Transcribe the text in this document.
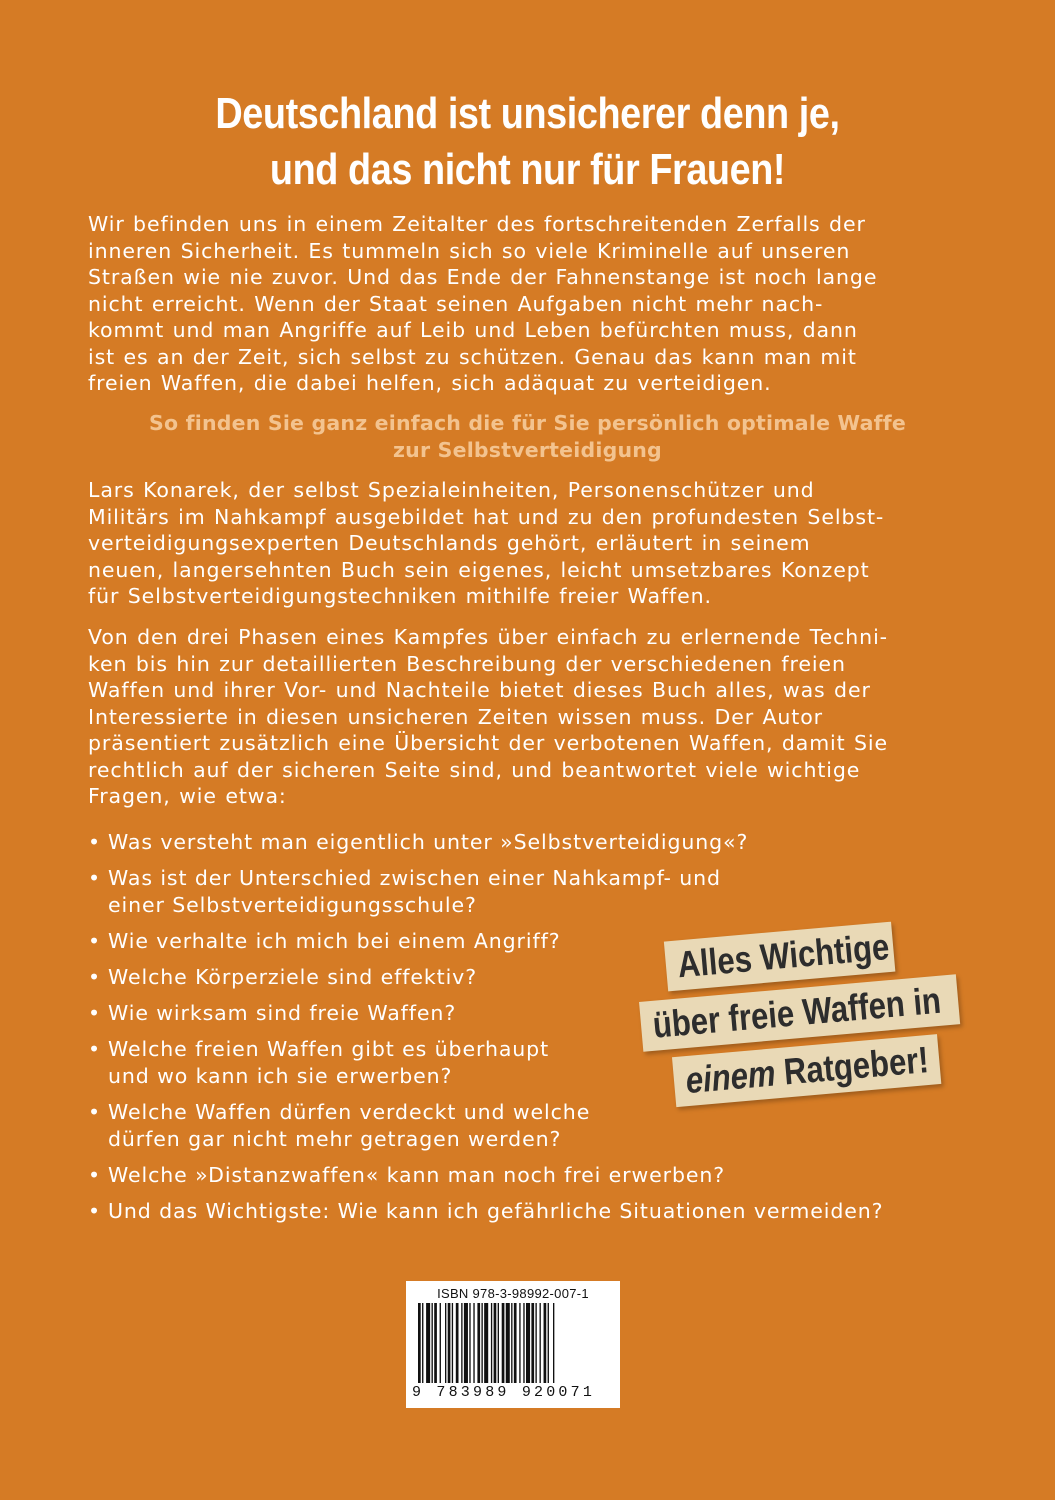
Deutschland ist unsicherer denn je,
und das nicht nur für Frauen!
Wir befinden uns in einem Zeitalter des fortschreitenden Zerfalls der
inneren Sicherheit. Es tummeln sich so viele Kriminelle auf unseren
Straßen wie nie zuvor. Und das Ende der Fahnenstange ist noch lange
nicht erreicht. Wenn der Staat seinen Aufgaben nicht mehr nach-
kommt und man Angriffe auf Leib und Leben befürchten muss, dann
ist es an der Zeit, sich selbst zu schützen. Genau das kann man mit
freien Waffen, die dabei helfen, sich adäquat zu verteidigen.
So finden Sie ganz einfach die für Sie persönlich optimale Waffe
zur Selbstverteidigung
Lars Konarek, der selbst Spezialeinheiten, Personenschützer und
Militärs im Nahkampf ausgebildet hat und zu den profundesten Selbst-
verteidigungsexperten Deutschlands gehört, erläutert in seinem
neuen, langersehnten Buch sein eigenes, leicht umsetzbares Konzept
für Selbstverteidigungstechniken mithilfe freier Waffen.
Von den drei Phasen eines Kampfes über einfach zu erlernende Techni-
ken bis hin zur detaillierten Beschreibung der verschiedenen freien
Waffen und ihrer Vor- und Nachteile bietet dieses Buch alles, was der
Interessierte in diesen unsicheren Zeiten wissen muss. Der Autor
präsentiert zusätzlich eine Übersicht der verbotenen Waffen, damit Sie
rechtlich auf der sicheren Seite sind, und beantwortet viele wichtige
Fragen, wie etwa:
• Was versteht man eigentlich unter »Selbstverteidigung«?
• Was ist der Unterschied zwischen einer Nahkampf- und
einer Selbstverteidigungsschule?
• Wie verhalte ich mich bei einem Angriff?
• Welche Körperziele sind effektiv?
• Wie wirksam sind freie Waffen?
• Welche freien Waffen gibt es überhaupt
und wo kann ich sie erwerben?
• Welche Waffen dürfen verdeckt und welche
dürfen gar nicht mehr getragen werden?
• Welche »Distanzwaffen« kann man noch frei erwerben?
• Und das Wichtigste: Wie kann ich gefährliche Situationen vermeiden?
Alles Wichtige
über freie Waffen in
einem Ratgeber!
ISBN 978-3-98992-007-1
9 783989 920071
